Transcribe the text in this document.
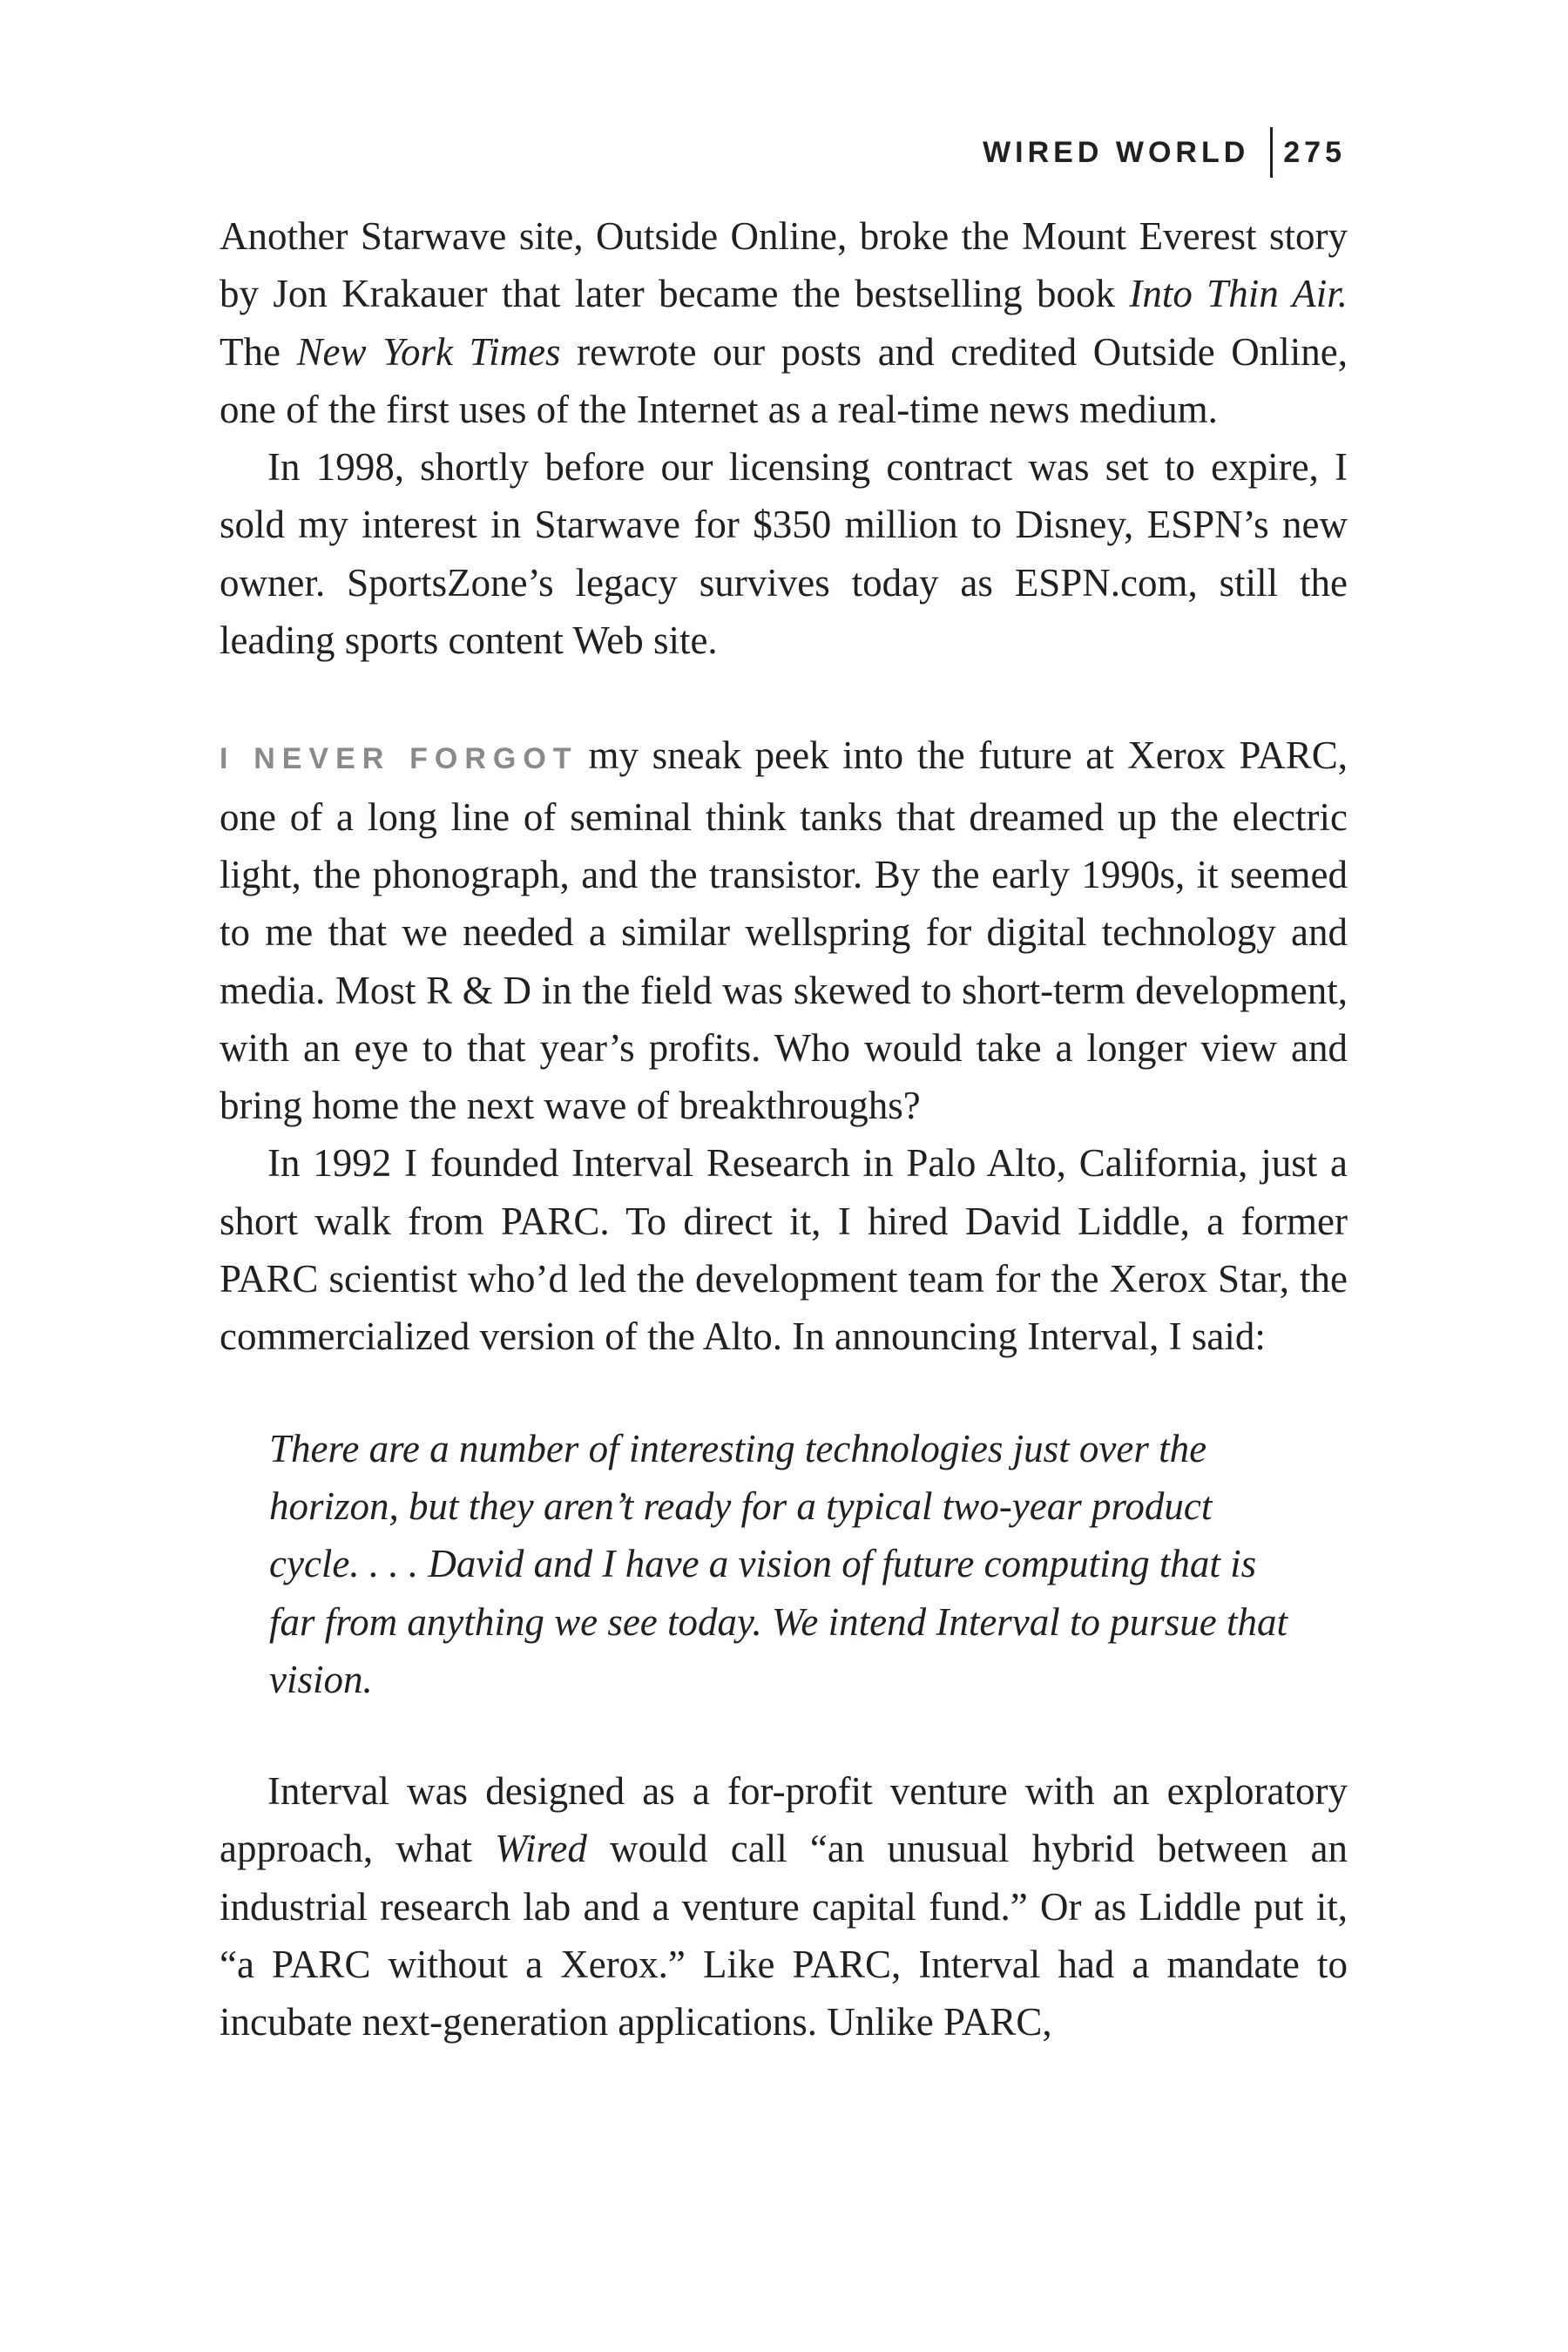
WIRED WORLD 275

Another Starwave site, Outside Online, broke the Mount Everest story by Jon Krakauer that later became the bestselling book Into Thin Air. The New York Times rewrote our posts and credited Outside Online, one of the first uses of the Internet as a real-time news medium.

In 1998, shortly before our licensing contract was set to expire, I sold my interest in Starwave for $350 million to Disney, ESPN’s new owner. SportsZone’s legacy survives today as ESPN.com, still the leading sports content Web site.

I NEVER FORGOT my sneak peek into the future at Xerox PARC, one of a long line of seminal think tanks that dreamed up the electric light, the phonograph, and the transistor. By the early 1990s, it seemed to me that we needed a similar wellspring for digital technology and media. Most R & D in the field was skewed to short-term development, with an eye to that year’s profits. Who would take a longer view and bring home the next wave of breakthroughs?

In 1992 I founded Interval Research in Palo Alto, California, just a short walk from PARC. To direct it, I hired David Liddle, a former PARC scientist who’d led the development team for the Xerox Star, the commercialized version of the Alto. In announcing Interval, I said:

There are a number of interesting technologies just over the horizon, but they aren’t ready for a typical two-year product cycle. . . . David and I have a vision of future computing that is far from anything we see today. We intend Interval to pursue that vision.

Interval was designed as a for-profit venture with an exploratory approach, what Wired would call “an unusual hybrid between an industrial research lab and a venture capital fund.” Or as Liddle put it, “a PARC without a Xerox.” Like PARC, Interval had a mandate to incubate next-generation applications. Unlike PARC,
